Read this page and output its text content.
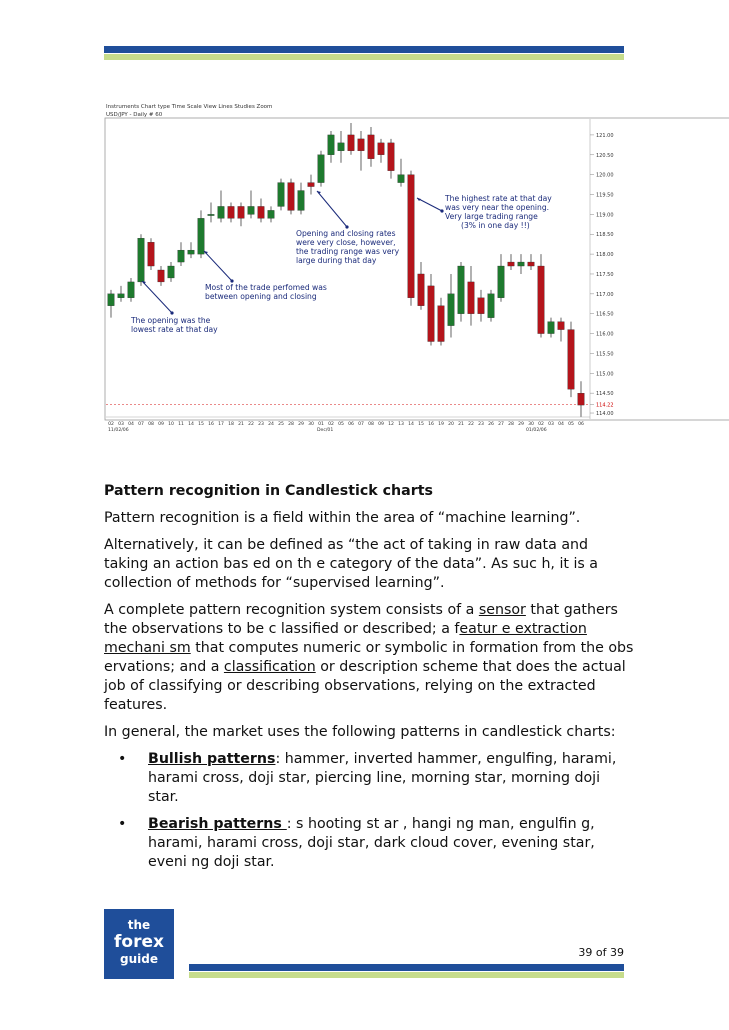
Instruments Chart type Time Scale View Lines Studies Zoom
USD/JPY - Daily # 60
121.00
120.50
120.00
119.50
119.00
118.50
118.00
117.50
117.00
116.50
116.00
115.50
115.00
114.50
114.22
114.00
02 03 04 07 08 09 10 11 14 15 16 17 18 21 22 23 24 25 28 29 30 01 02 05 06 07 08 09 12 13 14 15 16 19 20 21 22 23 26 27 28 29 30 02 03 04 05 06
11/02/06	Dec/01	01/02/06
The opening was the
lowest rate at that day
Most of the trade perfomed was
between opening and closing
Opening and closing rates
were very close, however,
the trading range was very
large during that day
The highest rate at that day
was very near the opening.
Very large trading range
(3% in one day !!)
Pattern recognition in Candlestick charts
Pattern recognition is a field within the area of “machine learning”.
Alternatively, it can be defined as “the act of taking in raw data and taking an action bas ed on th e category of the data”. As suc h, it is a collection of methods for “supervised learning”.
A complete pattern recognition system consists of a sensor that gathers the observations to be c lassified or described; a featur e extraction mechani sm that computes numeric or symbolic in formation from the obs ervations; and a classification or description scheme that does the actual job of classifying or describing observations, relying on the extracted features.
In general, the market uses the following patterns in candlestick charts:
• Bullish patterns: hammer, inverted hammer, engulfing, harami, harami cross, doji star, piercing line, morning star, morning doji star.
• Bearish patterns : s hooting st ar , hangi ng man, engulfin g, harami, harami cross, doji star, dark cloud cover, evening star, eveni ng doji star.
the
forex
guide	39 of 39
